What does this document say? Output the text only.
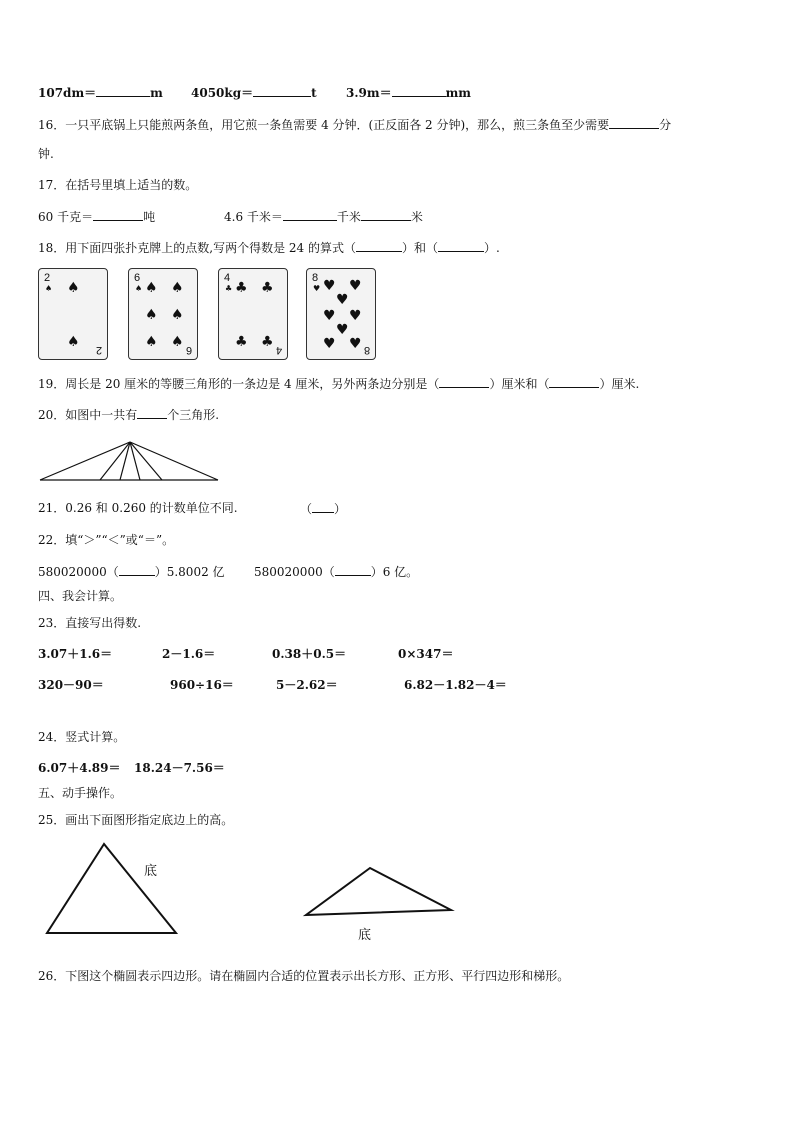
107dm＝	m 4050kg＝	t 3.9m＝	mm
16．一只平底锅上只能煎两条鱼，用它煎一条鱼需要 4 分钟．(正反面各 2 分钟)，那么，煎三条鱼至少需要	分
钟.
17．在括号里填上适当的数。
60 千克＝	吨	4.6 千米＝	千米	米
18．用下面四张扑克牌上的点数,写两个得数是 24 的算式（	）和（	）.
2
♠ ♠
♠ 2
6
♠ ♠ ♠
♠ ♠
♠ ♠ 6
4
♣ ♣ ♣
♣ ♣ 4
8
♥ ♥ ♥
♥
♥ ♥
♥
♥ ♥ 8
19．周长是 20 厘米的等腰三角形的一条边是 4 厘米，另外两条边分别是（	）厘米和（	）厘米.
20．如图中一共有	个三角形.
21．0.26 和 0.260 的计数单位不同.	（ ）
22．填“＞”“＜”或“＝”。
580020000（	）5.8002 亿 580020000（	）6 亿。
四、我会计算。
23．直接写出得数.
3.07＋1.6＝	2－1.6＝	0.38＋0.5＝	0×347＝
320－90＝	960÷16＝	5－2.62＝	6.82－1.82－4＝
24．竖式计算。
6.07＋4.89＝ 18.24－7.56＝
五、动手操作。
25．画出下面图形指定底边上的高。
底
底
26．下图这个椭圆表示四边形。请在椭圆内合适的位置表示出长方形、正方形、平行四边形和梯形。
